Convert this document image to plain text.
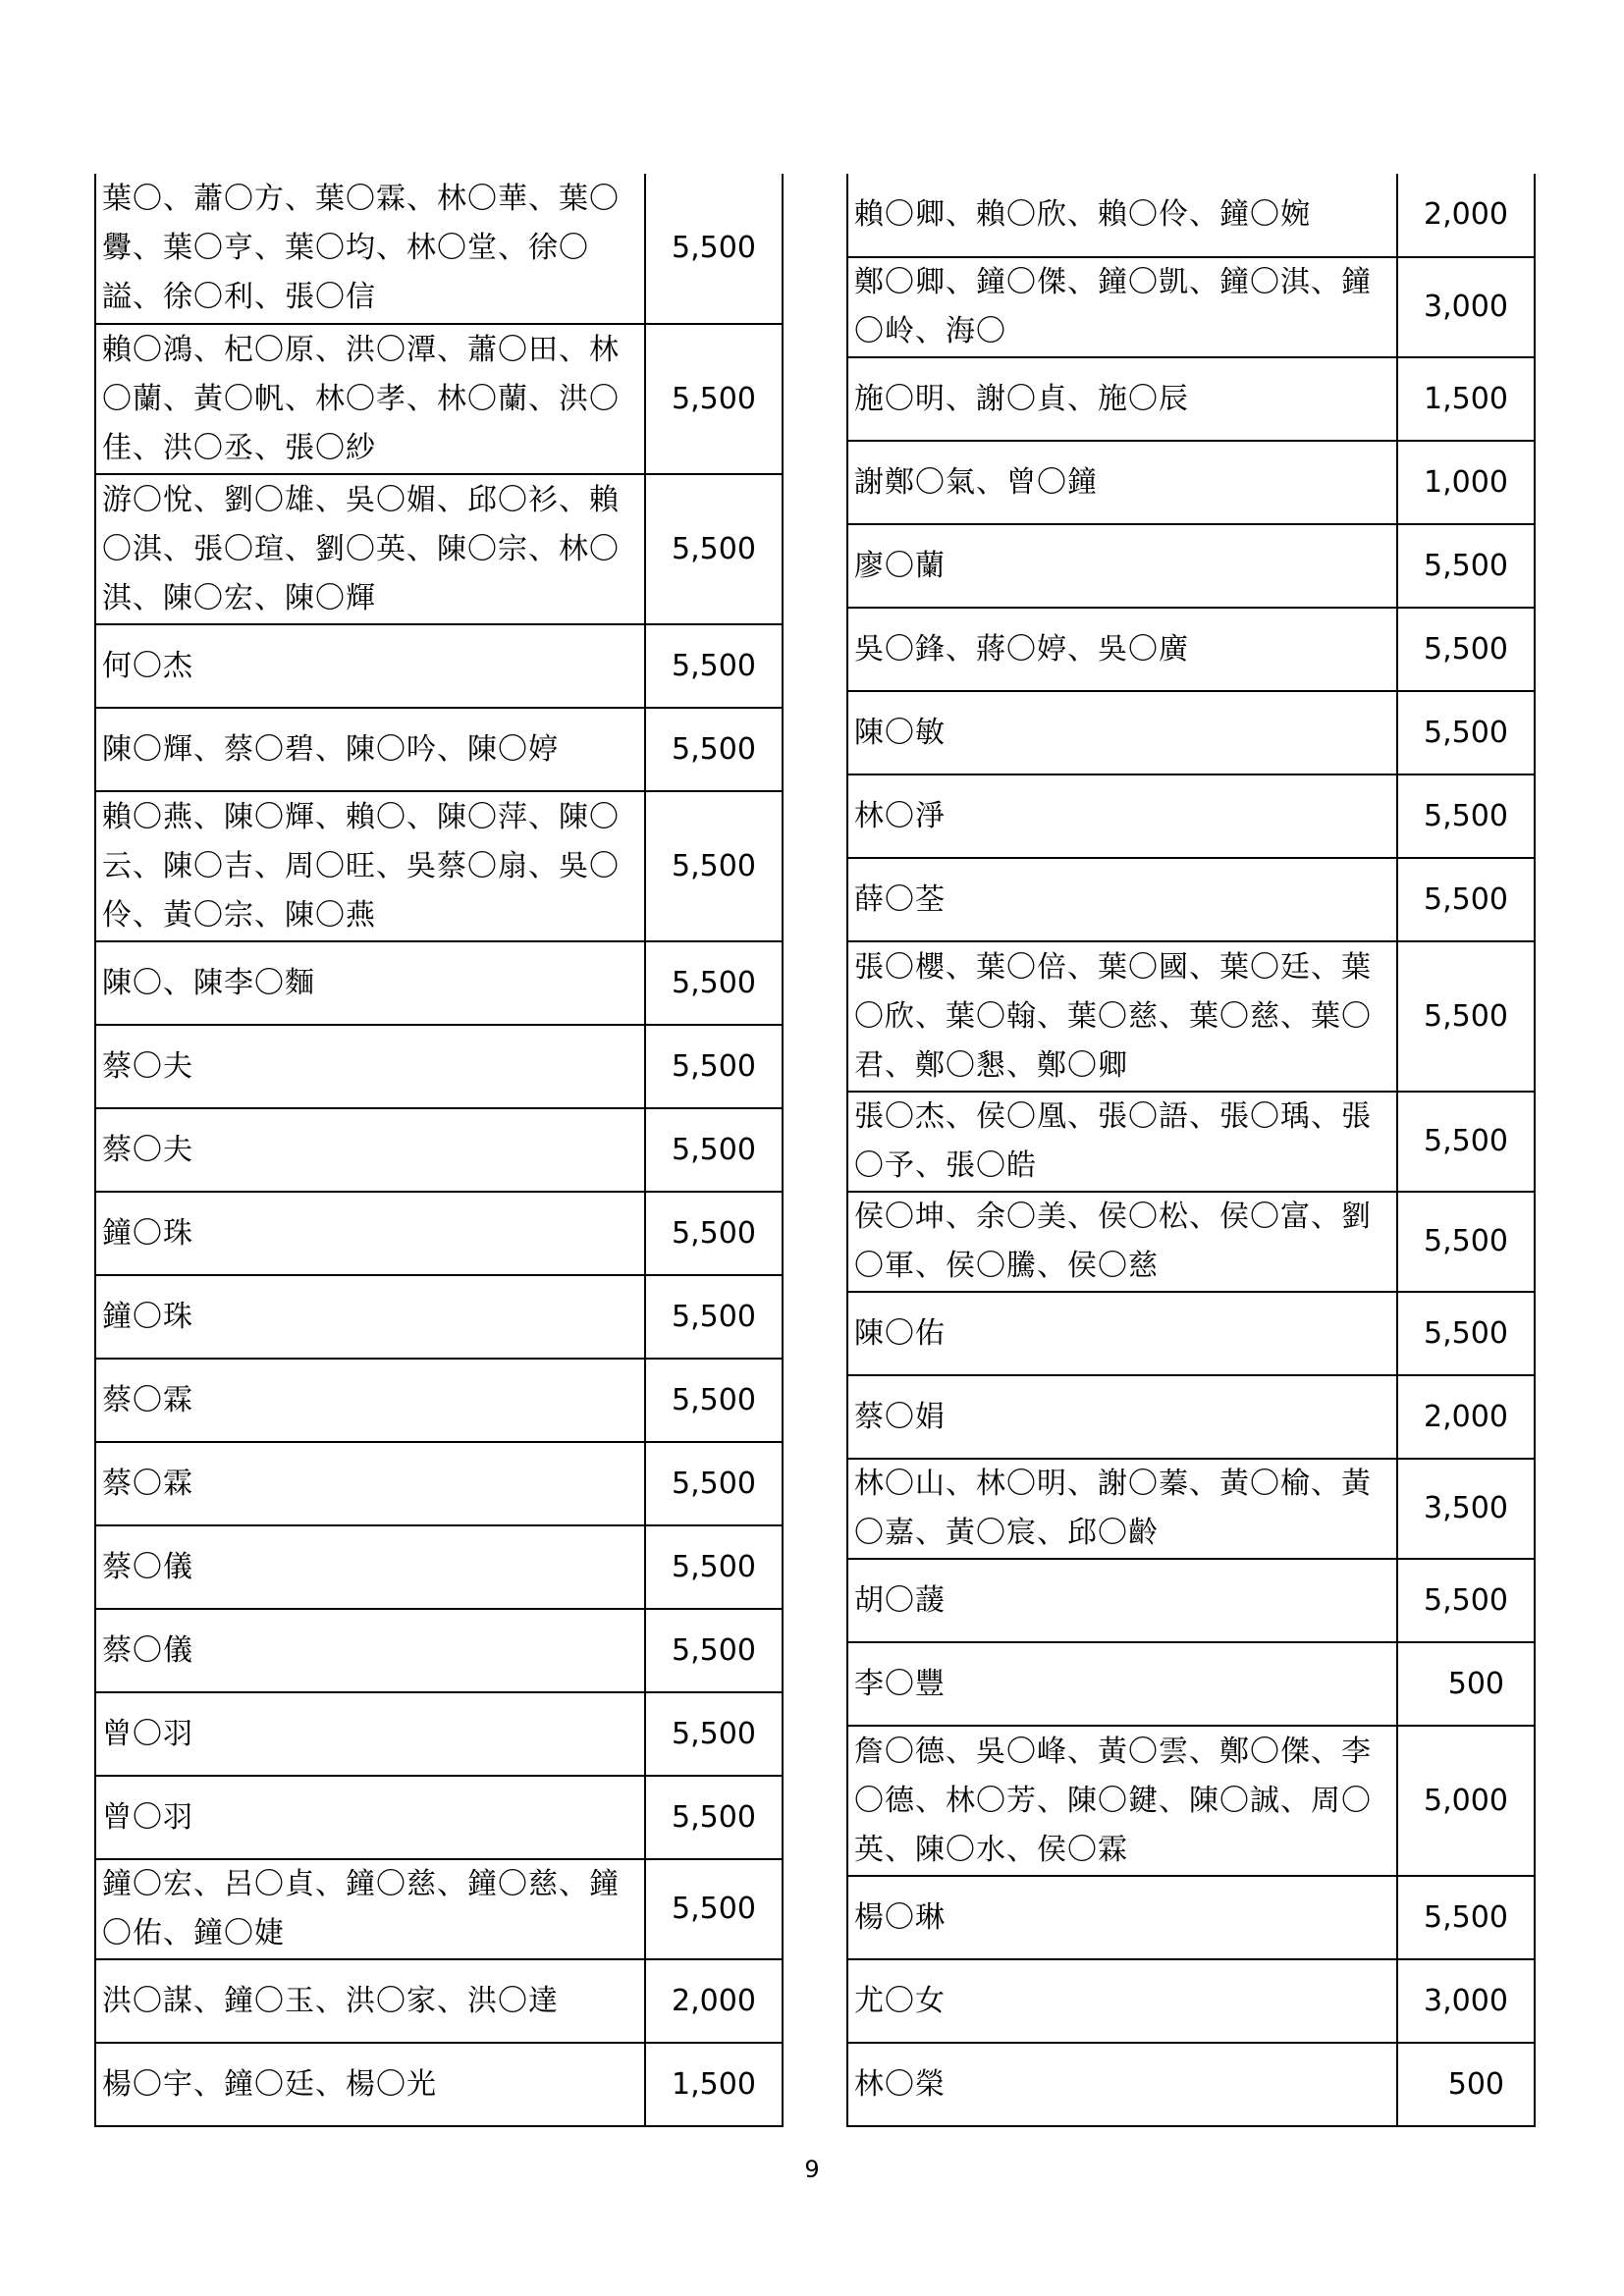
葉〇、蕭〇方、葉〇霖、林〇華、葉〇釁、葉〇亨、葉〇均、林〇堂、徐〇謚、徐〇利、張〇信	5,500
賴〇鴻、杞〇原、洪〇潭、蕭〇田、林〇蘭、黃〇帆、林〇孝、林〇蘭、洪〇佳、洪〇丞、張〇紗	5,500
游〇悅、劉〇雄、吳〇媚、邱〇衫、賴〇淇、張〇瑄、劉〇英、陳〇宗、林〇淇、陳〇宏、陳〇輝	5,500
何〇杰	5,500
陳〇輝、蔡〇碧、陳〇吟、陳〇婷	5,500
賴〇燕、陳〇輝、賴〇、陳〇萍、陳〇云、陳〇吉、周〇旺、吳蔡〇扇、吳〇伶、黃〇宗、陳〇燕	5,500
陳〇、陳李〇麵	5,500
蔡〇夫	5,500
蔡〇夫	5,500
鐘〇珠	5,500
鐘〇珠	5,500
蔡〇霖	5,500
蔡〇霖	5,500
蔡〇儀	5,500
蔡〇儀	5,500
曾〇羽	5,500
曾〇羽	5,500
鐘〇宏、呂〇貞、鐘〇慈、鐘〇慈、鐘〇佑、鐘〇婕	5,500
洪〇謀、鐘〇玉、洪〇家、洪〇達	2,000
楊〇宇、鐘〇廷、楊〇光	1,500
賴〇卿、賴〇欣、賴〇伶、鐘〇婉	2,000
鄭〇卿、鐘〇傑、鐘〇凱、鐘〇淇、鐘〇岭、海〇	3,000
施〇明、謝〇貞、施〇辰	1,500
謝鄭〇氣、曾〇鐘	1,000
廖〇蘭	5,500
吳〇鋒、蔣〇婷、吳〇廣	5,500
陳〇敏	5,500
林〇淨	5,500
薛〇荃	5,500
張〇櫻、葉〇倍、葉〇國、葉〇廷、葉〇欣、葉〇翰、葉〇慈、葉〇慈、葉〇君、鄭〇懇、鄭〇卿	5,500
張〇杰、侯〇凰、張〇語、張〇瑀、張〇予、張〇皓	5,500
侯〇坤、余〇美、侯〇松、侯〇富、劉〇軍、侯〇騰、侯〇慈	5,500
陳〇佑	5,500
蔡〇娟	2,000
林〇山、林〇明、謝〇蓁、黃〇榆、黃〇嘉、黃〇宸、邱〇齡	3,500
胡〇蘐	5,500
李〇豐	500
詹〇德、吳〇峰、黃〇雲、鄭〇傑、李〇德、林〇芳、陳〇鍵、陳〇誠、周〇英、陳〇水、侯〇霖	5,000
楊〇琳	5,500
尤〇女	3,000
林〇榮	500
9
